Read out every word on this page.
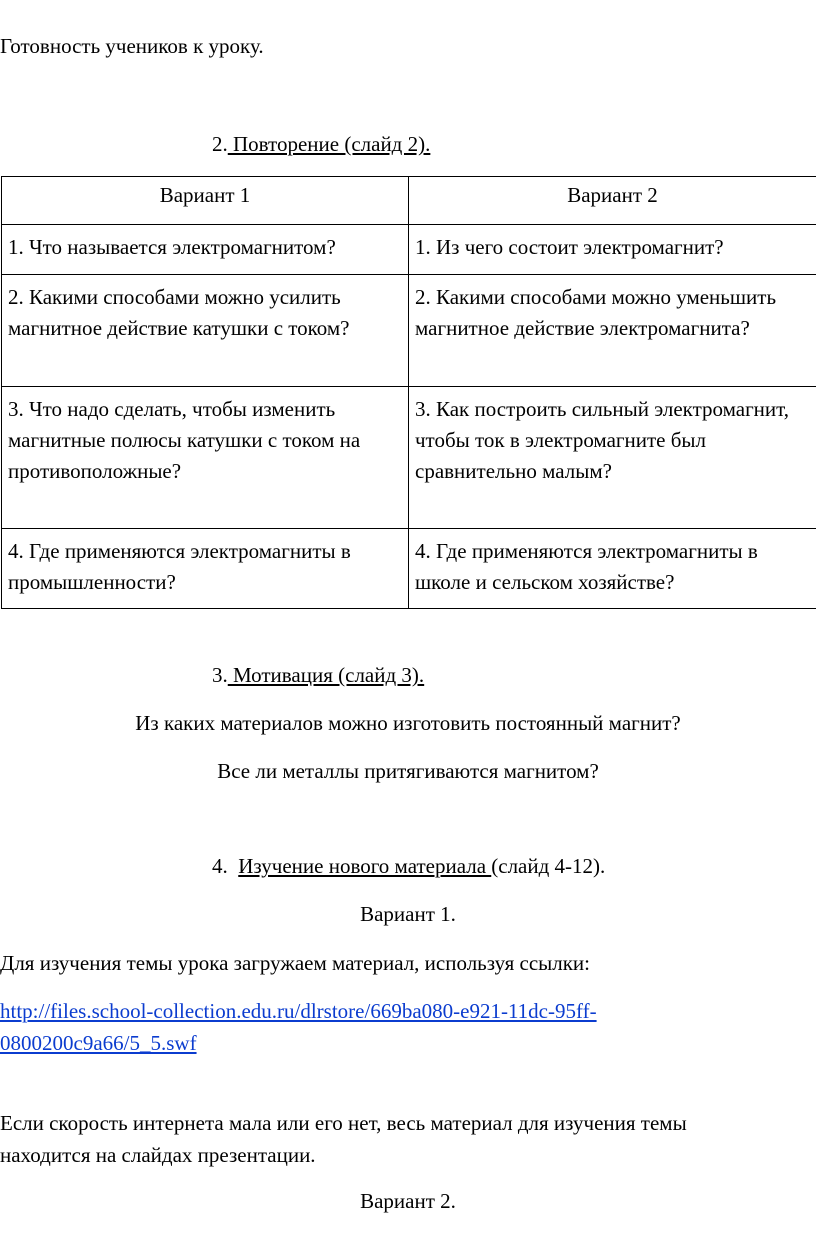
Готовность учеников к уроку.
2. Повторение (слайд 2).
Вариант 1	Вариант 2
1. Что называется электромагнитом?	1. Из чего состоит электромагнит?
2. Какими способами можно усилить магнитное действие катушки с током?	2. Какими способами можно уменьшить магнитное действие электромагнита?
3. Что надо сделать, чтобы изменить магнитные полюсы катушки с током на противоположные?	3. Как построить сильный электромагнит, чтобы ток в электромагните был сравнительно малым?
4. Где применяются электромагниты в промышленности?	4. Где применяются электромагниты в школе и сельском хозяйстве?
3. Мотивация (слайд 3).
Из каких материалов можно изготовить постоянный магнит?
Все ли металлы притягиваются магнитом?
4. Изучение нового материала (слайд 4-12).
Вариант 1.
Для изучения темы урока загружаем материал, используя ссылки:
http://files.school-collection.edu.ru/dlrstore/669ba080-e921-11dc-95ff-
0800200c9a66/5_5.swf
Если скорость интернета мала или его нет, весь материал для изучения темы
находится на слайдах презентации.
Вариант 2.
